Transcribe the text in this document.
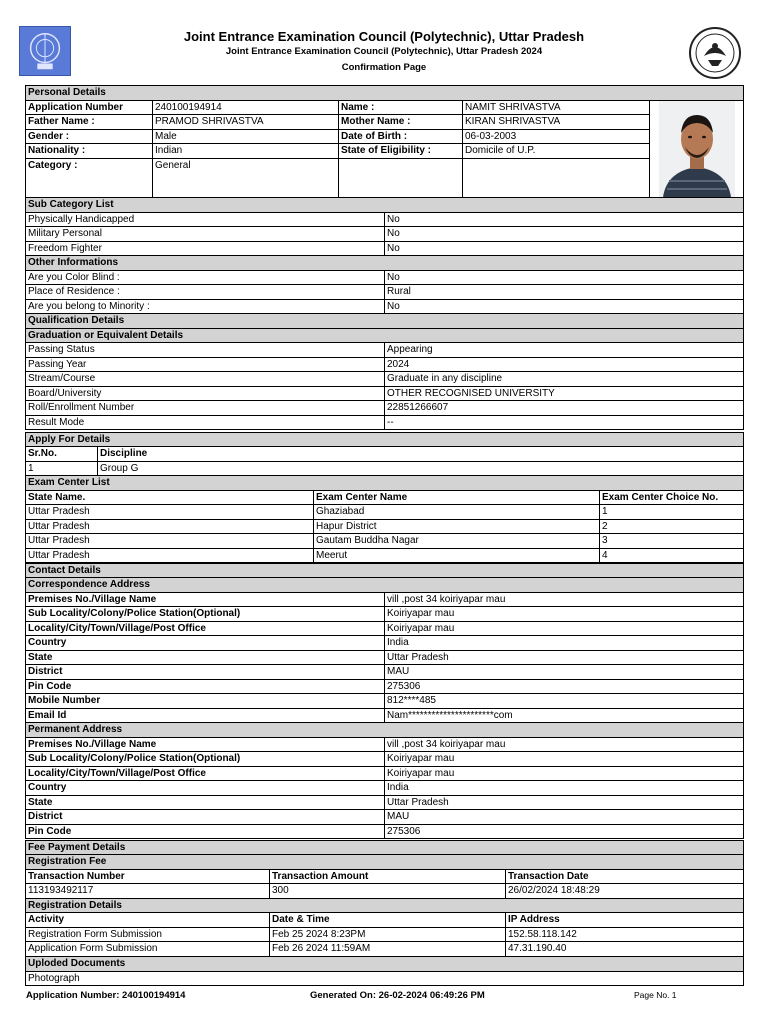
Joint Entrance Examination Council (Polytechnic), Uttar Pradesh
Joint Entrance Examination Council (Polytechnic), Uttar Pradesh 2024
Confirmation Page
Personal Details				
Application Number	240100194914	Name :	NAMIT SHRIVASTVA	

Father Name :	PRAMOD SHRIVASTVA	Mother Name :	KIRAN SHRIVASTVA	
Gender :	Male	Date of Birth :	06-03-2003	
Nationality :	Indian	State of Eligibility :	Domicile of U.P.	
Category :	General			
Sub Category List	
Physically Handicapped	No
Military Personal	No
Freedom Fighter	No
Other Informations	
Are you Color Blind :	No
Place of Residence :	Rural
Are you belong to Minority :	No
Qualification Details	
Graduation or Equivalent Details	
Passing Status	Appearing
Passing Year	2024
Stream/Course	Graduate in any discipline
Board/University	OTHER RECOGNISED UNIVERSITY
Roll/Enrollment Number	22851266607
Result Mode	--
Apply For Details	
Sr.No.	Discipline
1	Group G
Exam Center List		
State Name.	Exam Center Name	Exam Center Choice No.
Uttar Pradesh	Ghaziabad	1
Uttar Pradesh	Hapur District	2
Uttar Pradesh	Gautam Buddha Nagar	3
Uttar Pradesh	Meerut	4
Contact Details	
Correspondence Address	
Premises No./Village Name	vill ,post 34 koiriyapar mau
Sub Locality/Colony/Police Station(Optional)	Koiriyapar mau
Locality/City/Town/Village/Post Office	Koiriyapar mau
Country	India
State	Uttar Pradesh
District	MAU
Pin Code	275306
Mobile Number	812****485
Email Id	Nam**********************com
Permanent Address	
Premises No./Village Name	vill ,post 34 koiriyapar mau
Sub Locality/Colony/Police Station(Optional)	Koiriyapar mau
Locality/City/Town/Village/Post Office	Koiriyapar mau
Country	India
State	Uttar Pradesh
District	MAU
Pin Code	275306
Fee Payment Details		
Registration Fee		
Transaction Number	Transaction Amount	Transaction Date
113193492117	300	26/02/2024 18:48:29
Registration Details		
Activity	Date & Time	IP Address
Registration Form Submission	Feb 25 2024 8:23PM	152.58.118.142
Application Form Submission	Feb 26 2024 11:59AM	47.31.190.40
Uploded Documents
Photograph
Application Number: 240100194914	Generated On: 26-02-2024 06:49:26 PM	Page No. 1
